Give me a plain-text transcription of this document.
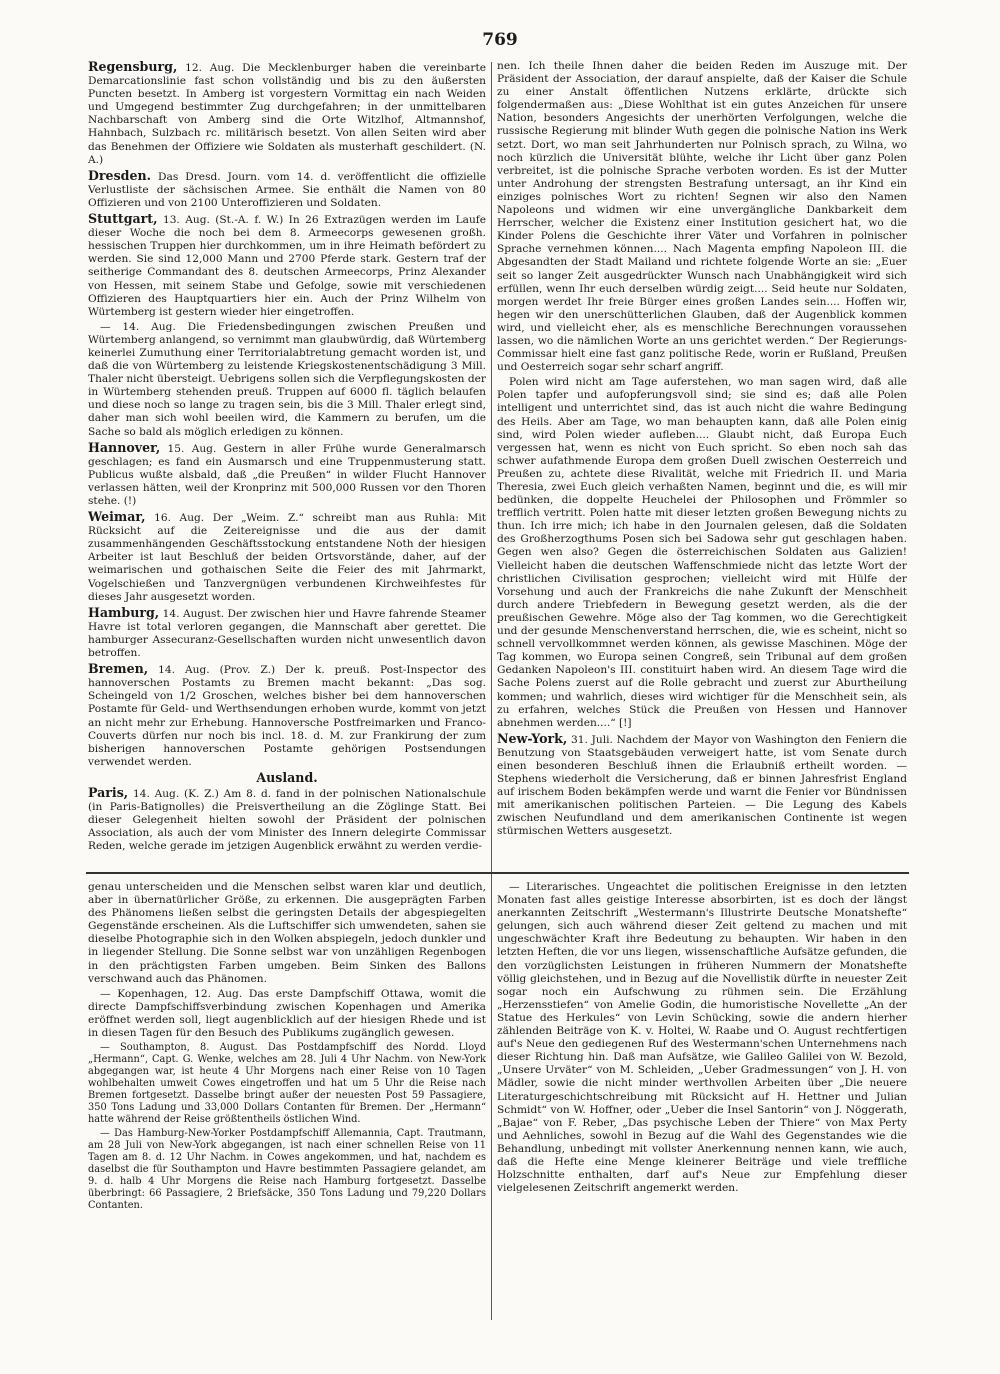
769

Regensburg, 12. Aug. Die Mecklenburger haben die vereinbarte Demarcationslinie fast schon vollständig und bis zu den äußersten Puncten besetzt. In Amberg ist vorgestern Vormittag ein nach Weiden und Umgegend bestimmter Zug durchgefahren; in der unmittelbaren Nachbarschaft von Amberg sind die Orte Witzlhof, Altmannshof, Hahnbach, Sulzbach rc. militärisch besetzt. Von allen Seiten wird aber das Benehmen der Offiziere wie Soldaten als musterhaft geschildert. (N. A.)

Dresden. Das Dresd. Journ. vom 14. d. veröffentlicht die offizielle Verlustliste der sächsischen Armee. Sie enthält die Namen von 80 Offizieren und von 2100 Unteroffizieren und Soldaten.

Stuttgart, 13. Aug. (St.-A. f. W.) In 26 Extrazügen werden im Laufe dieser Woche die noch bei dem 8. Armeecorps gewesenen großh. hessischen Truppen hier durchkommen, um in ihre Heimath befördert zu werden. Sie sind 12,000 Mann und 2700 Pferde stark. Gestern traf der seitherige Commandant des 8. deutschen Armeecorps, Prinz Alexander von Hessen, mit seinem Stabe und Gefolge, sowie mit verschiedenen Offizieren des Hauptquartiers hier ein. Auch der Prinz Wilhelm von Würtemberg ist gestern wieder hier eingetroffen.

— 14. Aug. Die Friedensbedingungen zwischen Preußen und Würtemberg anlangend, so vernimmt man glaubwürdig, daß Würtemberg keinerlei Zumuthung einer Territorialabtretung gemacht worden ist, und daß die von Würtemberg zu leistende Kriegskostenentschädigung 3 Mill. Thaler nicht übersteigt. Uebrigens sollen sich die Verpflegungskosten der in Würtemberg stehenden preuß. Truppen auf 6000 fl. täglich belaufen und diese noch so lange zu tragen sein, bis die 3 Mill. Thaler erlegt sind, daher man sich wohl beeilen wird, die Kammern zu berufen, um die Sache so bald als möglich erledigen zu können.

Hannover, 15. Aug. Gestern in aller Frühe wurde Generalmarsch geschlagen; es fand ein Ausmarsch und eine Truppenmusterung statt. Publicus wußte alsbald, daß „die Preußen“ in wilder Flucht Hannover verlassen hätten, weil der Kronprinz mit 500,000 Russen vor den Thoren stehe. (!)

Weimar, 16. Aug. Der „Weim. Z.“ schreibt man aus Ruhla: Mit Rücksicht auf die Zeitereignisse und die aus der damit zusammenhängenden Geschäftsstockung entstandene Noth der hiesigen Arbeiter ist laut Beschluß der beiden Ortsvorstände, daher, auf der weimarischen und gothaischen Seite die Feier des mit Jahrmarkt, Vogelschießen und Tanzvergnügen verbundenen Kirchweihfestes für dieses Jahr ausgesetzt worden.

Hamburg, 14. August. Der zwischen hier und Havre fahrende Steamer Havre ist total verloren gegangen, die Mannschaft aber gerettet. Die hamburger Assecuranz-Gesellschaften wurden nicht unwesentlich davon betroffen.

Bremen, 14. Aug. (Prov. Z.) Der k. preuß. Post-Inspector des hannoverschen Postamts zu Bremen macht bekannt: „Das sog. Scheingeld von 1/2 Groschen, welches bisher bei dem hannoverschen Postamte für Geld- und Werthsendungen erhoben wurde, kommt von jetzt an nicht mehr zur Erhebung. Hannoversche Postfreimarken und Franco-Couverts dürfen nur noch bis incl. 18. d. M. zur Frankirung der zum bisherigen hannoverschen Postamte gehörigen Postsendungen verwendet werden.

Ausland.

Paris, 14. Aug. (K. Z.) Am 8. d. fand in der polnischen Nationalschule (in Paris-Batignolles) die Preisvertheilung an die Zöglinge Statt. Bei dieser Gelegenheit hielten sowohl der Präsident der polnischen Association, als auch der vom Minister des Innern delegirte Commissar Reden, welche gerade im jetzigen Augenblick erwähnt zu werden verdie-

nen. Ich theile Ihnen daher die beiden Reden im Auszuge mit. Der Präsident der Association, der darauf anspielte, daß der Kaiser die Schule zu einer Anstalt öffentlichen Nutzens erklärte, drückte sich folgendermaßen aus: „Diese Wohlthat ist ein gutes Anzeichen für unsere Nation, besonders Angesichts der unerhörten Verfolgungen, welche die russische Regierung mit blinder Wuth gegen die polnische Nation ins Werk setzt. Dort, wo man seit Jahrhunderten nur Polnisch sprach, zu Wilna, wo noch kürzlich die Universität blühte, welche ihr Licht über ganz Polen verbreitet, ist die polnische Sprache verboten worden. Es ist der Mutter unter Androhung der strengsten Bestrafung untersagt, an ihr Kind ein einziges polnisches Wort zu richten! Segnen wir also den Namen Napoleons und widmen wir eine unvergängliche Dankbarkeit dem Herrscher, welcher die Existenz einer Institution gesichert hat, wo die Kinder Polens die Geschichte ihrer Väter und Vorfahren in polnischer Sprache vernehmen können.... Nach Magenta empfing Napoleon III. die Abgesandten der Stadt Mailand und richtete folgende Worte an sie: „Euer seit so langer Zeit ausgedrückter Wunsch nach Unabhängigkeit wird sich erfüllen, wenn Ihr euch derselben würdig zeigt.... Seid heute nur Soldaten, morgen werdet Ihr freie Bürger eines großen Landes sein.... Hoffen wir, hegen wir den unerschütterlichen Glauben, daß der Augenblick kommen wird, und vielleicht eher, als es menschliche Berechnungen voraussehen lassen, wo die nämlichen Worte an uns gerichtet werden.“ Der Regierungs-Commissar hielt eine fast ganz politische Rede, worin er Rußland, Preußen und Oesterreich sogar sehr scharf angriff.

Polen wird nicht am Tage auferstehen, wo man sagen wird, daß alle Polen tapfer und aufopferungsvoll sind; sie sind es; daß alle Polen intelligent und unterrichtet sind, das ist auch nicht die wahre Bedingung des Heils. Aber am Tage, wo man behaupten kann, daß alle Polen einig sind, wird Polen wieder aufleben.... Glaubt nicht, daß Europa Euch vergessen hat, wenn es nicht von Euch spricht. So eben noch sah das schwer aufathmende Europa dem großen Duell zwischen Oesterreich und Preußen zu, achtete diese Rivalität, welche mit Friedrich II. und Maria Theresia, zwei Euch gleich verhaßten Namen, beginnt und die, es will mir bedünken, die doppelte Heuchelei der Philosophen und Frömmler so trefflich vertritt. Polen hatte mit dieser letzten großen Bewegung nichts zu thun. Ich irre mich; ich habe in den Journalen gelesen, daß die Soldaten des Großherzogthums Posen sich bei Sadowa sehr gut geschlagen haben. Gegen wen also? Gegen die österreichischen Soldaten aus Galizien! Vielleicht haben die deutschen Waffenschmiede nicht das letzte Wort der christlichen Civilisation gesprochen; vielleicht wird mit Hülfe der Vorsehung und auch der Frankreichs die nahe Zukunft der Menschheit durch andere Triebfedern in Bewegung gesetzt werden, als die der preußischen Gewehre. Möge also der Tag kommen, wo die Gerechtigkeit und der gesunde Menschenverstand herrschen, die, wie es scheint, nicht so schnell vervollkommnet werden können, als gewisse Maschinen. Möge der Tag kommen, wo Europa seinen Congreß, sein Tribunal auf dem großen Gedanken Napoleon's III. constituirt haben wird. An diesem Tage wird die Sache Polens zuerst auf die Rolle gebracht und zuerst zur Aburtheilung kommen; und wahrlich, dieses wird wichtiger für die Menschheit sein, als zu erfahren, welches Stück die Preußen von Hessen und Hannover abnehmen werden....“ [!]

New-York, 31. Juli. Nachdem der Mayor von Washington den Feniern die Benutzung von Staatsgebäuden verweigert hatte, ist vom Senate durch einen besonderen Beschluß ihnen die Erlaubniß ertheilt worden. — Stephens wiederholt die Versicherung, daß er binnen Jahresfrist England auf irischem Boden bekämpfen werde und warnt die Fenier vor Bündnissen mit amerikanischen politischen Parteien. — Die Legung des Kabels zwischen Neufundland und dem amerikanischen Continente ist wegen stürmischen Wetters ausgesetzt.

genau unterscheiden und die Menschen selbst waren klar und deutlich, aber in übernatürlicher Größe, zu erkennen. Die ausgeprägten Farben des Phänomens ließen selbst die geringsten Details der abgespiegelten Gegenstände erscheinen. Als die Luftschiffer sich umwendeten, sahen sie dieselbe Photographie sich in den Wolken abspiegeln, jedoch dunkler und in liegender Stellung. Die Sonne selbst war von unzähligen Regenbogen in den prächtigsten Farben umgeben. Beim Sinken des Ballons verschwand auch das Phänomen.

— Kopenhagen, 12. Aug. Das erste Dampfschiff Ottawa, womit die directe Dampfschiffsverbindung zwischen Kopenhagen und Amerika eröffnet werden soll, liegt augenblicklich auf der hiesigen Rhede und ist in diesen Tagen für den Besuch des Publikums zugänglich gewesen.

— Southampton, 8. August. Das Postdampfschiff des Nordd. Lloyd „Hermann“, Capt. G. Wenke, welches am 28. Juli 4 Uhr Nachm. von New-York abgegangen war, ist heute 4 Uhr Morgens nach einer Reise von 10 Tagen wohlbehalten umweit Cowes eingetroffen und hat um 5 Uhr die Reise nach Bremen fortgesetzt. Dasselbe bringt außer der neuesten Post 59 Passagiere, 350 Tons Ladung und 33,000 Dollars Contanten für Bremen. Der „Hermann“ hatte während der Reise größtentheils östlichen Wind.

— Das Hamburg-New-Yorker Postdampfschiff Allemannia, Capt. Trautmann, am 28 Juli von New-York abgegangen, ist nach einer schnellen Reise von 11 Tagen am 8. d. 12 Uhr Nachm. in Cowes angekommen, und hat, nachdem es daselbst die für Southampton und Havre bestimmten Passagiere gelandet, am 9. d. halb 4 Uhr Morgens die Reise nach Hamburg fortgesetzt. Dasselbe überbringt: 66 Passagiere, 2 Briefsäcke, 350 Tons Ladung und 79,220 Dollars Contanten.

— Literarisches. Ungeachtet die politischen Ereignisse in den letzten Monaten fast alles geistige Interesse absorbirten, ist es doch der längst anerkannten Zeitschrift „Westermann's Illustrirte Deutsche Monatshefte“ gelungen, sich auch während dieser Zeit geltend zu machen und mit ungeschwächter Kraft ihre Bedeutung zu behaupten. Wir haben in den letzten Heften, die vor uns liegen, wissenschaftliche Aufsätze gefunden, die den vorzüglichsten Leistungen in früheren Nummern der Monatshefte völlig gleichstehen, und in Bezug auf die Novellistik dürfte in neuester Zeit sogar noch ein Aufschwung zu rühmen sein. Die Erzählung „Herzensstiefen“ von Amelie Godin, die humoristische Novellette „An der Statue des Herkules“ von Levin Schücking, sowie die andern hierher zählenden Beiträge von K. v. Holtei, W. Raabe und O. August rechtfertigen auf's Neue den gediegenen Ruf des Westermann'schen Unternehmens nach dieser Richtung hin. Daß man Aufsätze, wie Galileo Galilei von W. Bezold, „Unsere Urväter“ von M. Schleiden, „Ueber Gradmessungen“ von J. H. von Mädler, sowie die nicht minder werthvollen Arbeiten über „Die neuere Literaturgeschichtschreibung mit Rücksicht auf H. Hettner und Julian Schmidt“ von W. Hoffner, oder „Ueber die Insel Santorin“ von J. Nöggerath, „Bajae“ von F. Reber, „Das psychische Leben der Thiere“ von Max Perty und Aehnliches, sowohl in Bezug auf die Wahl des Gegenstandes wie die Behandlung, unbedingt mit vollster Anerkennung nennen kann, wie auch, daß die Hefte eine Menge kleinerer Beiträge und viele treffliche Holzschnitte enthalten, darf auf's Neue zur Empfehlung dieser vielgelesenen Zeitschrift angemerkt werden.
